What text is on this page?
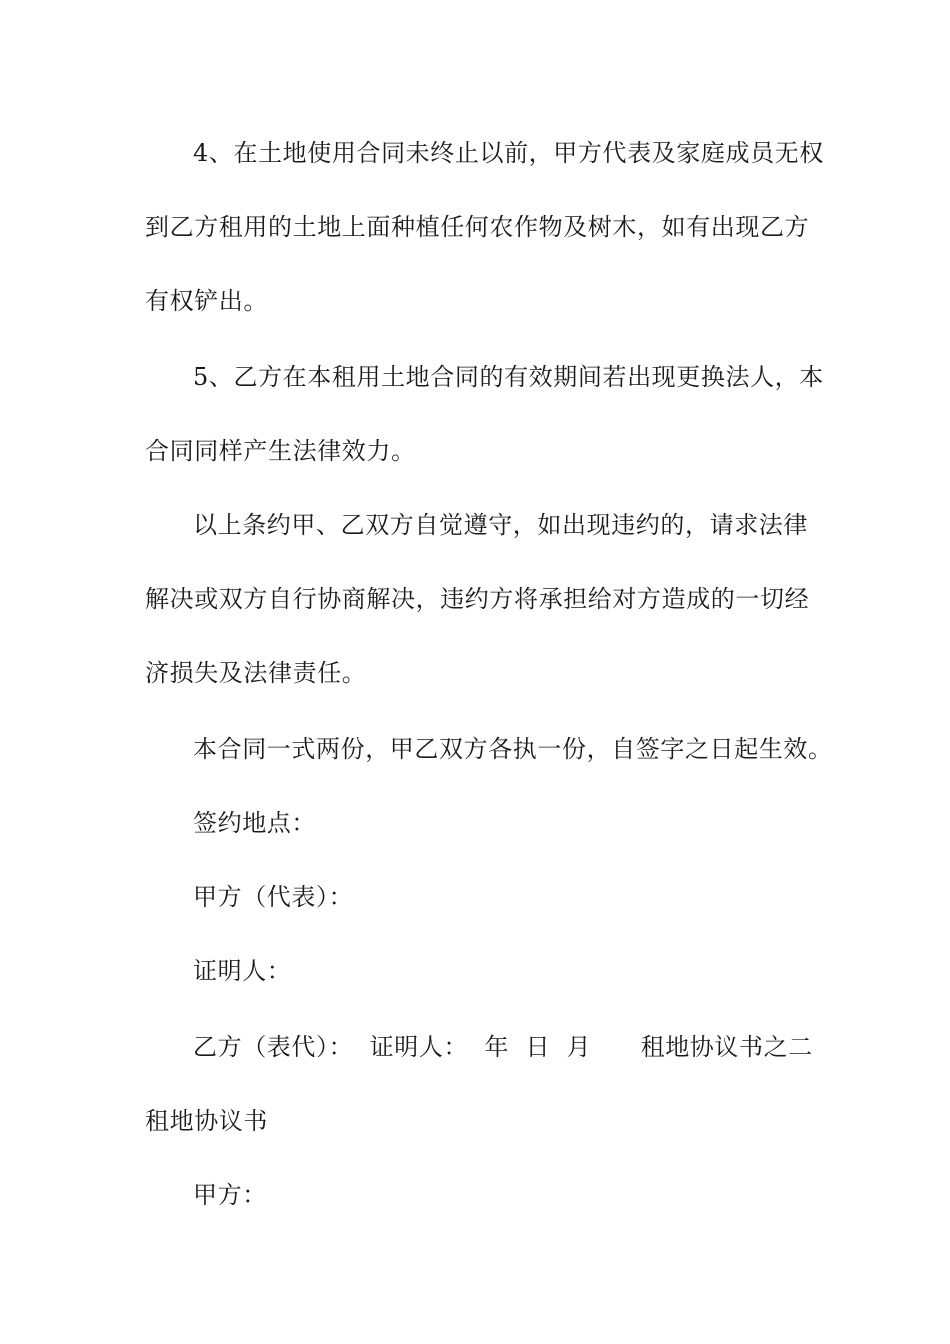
4、在土地使用合同未终止以前，甲方代表及家庭成员无权
到乙方租用的土地上面种植任何农作物及树木，如有出现乙方
有权铲出。
5、乙方在本租用土地合同的有效期间若出现更换法人，本
合同同样产生法律效力。
以上条约甲、乙双方自觉遵守，如出现违约的，请求法律
解决或双方自行协商解决，违约方将承担给对方造成的一切经
济损失及法律责任。
本合同一式两份，甲乙双方各执一份，自签字之日起生效。
签约地点：
甲方（代表）：
证明人：
乙方（表代）：  证明人：  年  日  月      租地协议书之二
租地协议书
甲方：
